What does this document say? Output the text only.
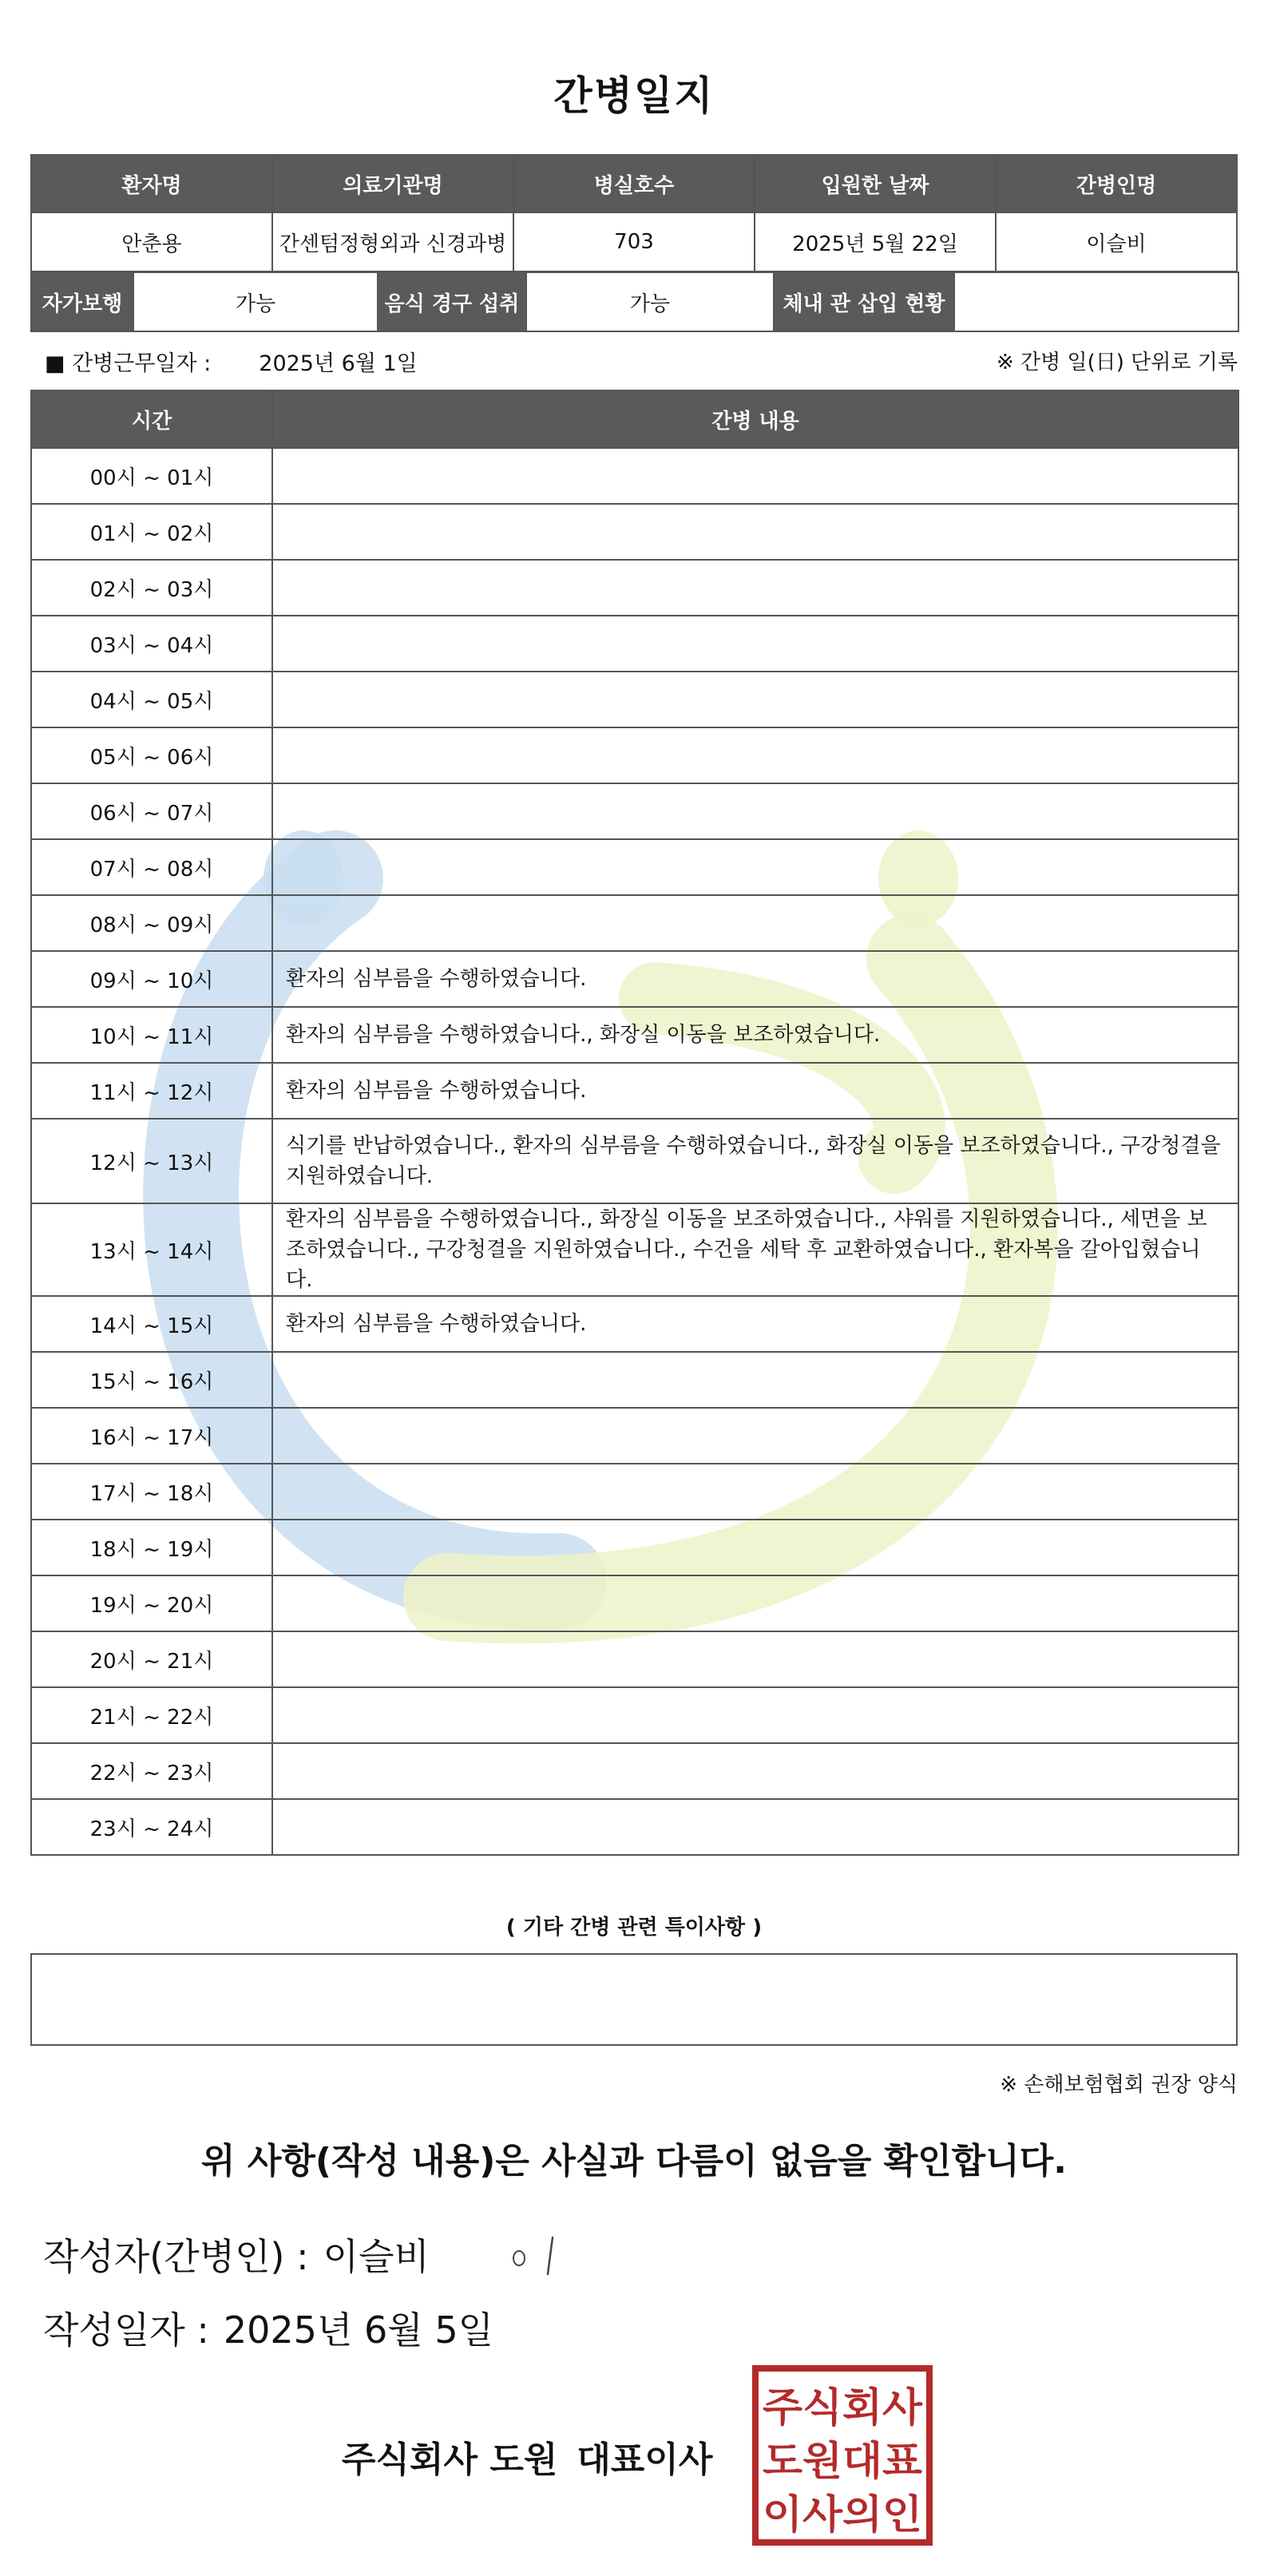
간병일지
환자명	의료기관명	병실호수	입원한 날짜	간병인명
안춘용	간센텀정형외과 신경과병	703	2025년 5월 22일	이슬비
자가보행	가능	음식 경구 섭취	가능	체내 관 삽입 현황	
■ 간병근무일자 : 2025년 6월 1일	※ 간병 일(日) 단위로 기록
시간	간병 내용
00시 ~ 01시	
01시 ~ 02시	
02시 ~ 03시	
03시 ~ 04시	
04시 ~ 05시	
05시 ~ 06시	
06시 ~ 07시	
07시 ~ 08시	
08시 ~ 09시	
09시 ~ 10시	환자의 심부름을 수행하였습니다.
10시 ~ 11시	환자의 심부름을 수행하였습니다., 화장실 이동을 보조하였습니다.
11시 ~ 12시	환자의 심부름을 수행하였습니다.
12시 ~ 13시	식기를 반납하였습니다., 환자의 심부름을 수행하였습니다., 화장실 이동을 보조하였습니다., 구강청결을 지원하였습니다.
13시 ~ 14시	환자의 심부름을 수행하였습니다., 화장실 이동을 보조하였습니다., 샤워를 지원하였습니다., 세면을 보조하였습니다., 구강청결을 지원하였습니다., 수건을 세탁 후 교환하였습니다., 환자복을 갈아입혔습니다.
14시 ~ 15시	환자의 심부름을 수행하였습니다.
15시 ~ 16시	
16시 ~ 17시	
17시 ~ 18시	
18시 ~ 19시	
19시 ~ 20시	
20시 ~ 21시	
21시 ~ 22시	
22시 ~ 23시	
23시 ~ 24시	
( 기타 간병 관련 특이사항 )
※ 손해보험협회 권장 양식
위 사항(작성 내용)은 사실과 다름이 없음을 확인합니다.
작성자(간병인) : 이슬비
작성일자 : 2025년 6월 5일
주식회사 도원 대표이사
주식회사
도원대표
이사의인
